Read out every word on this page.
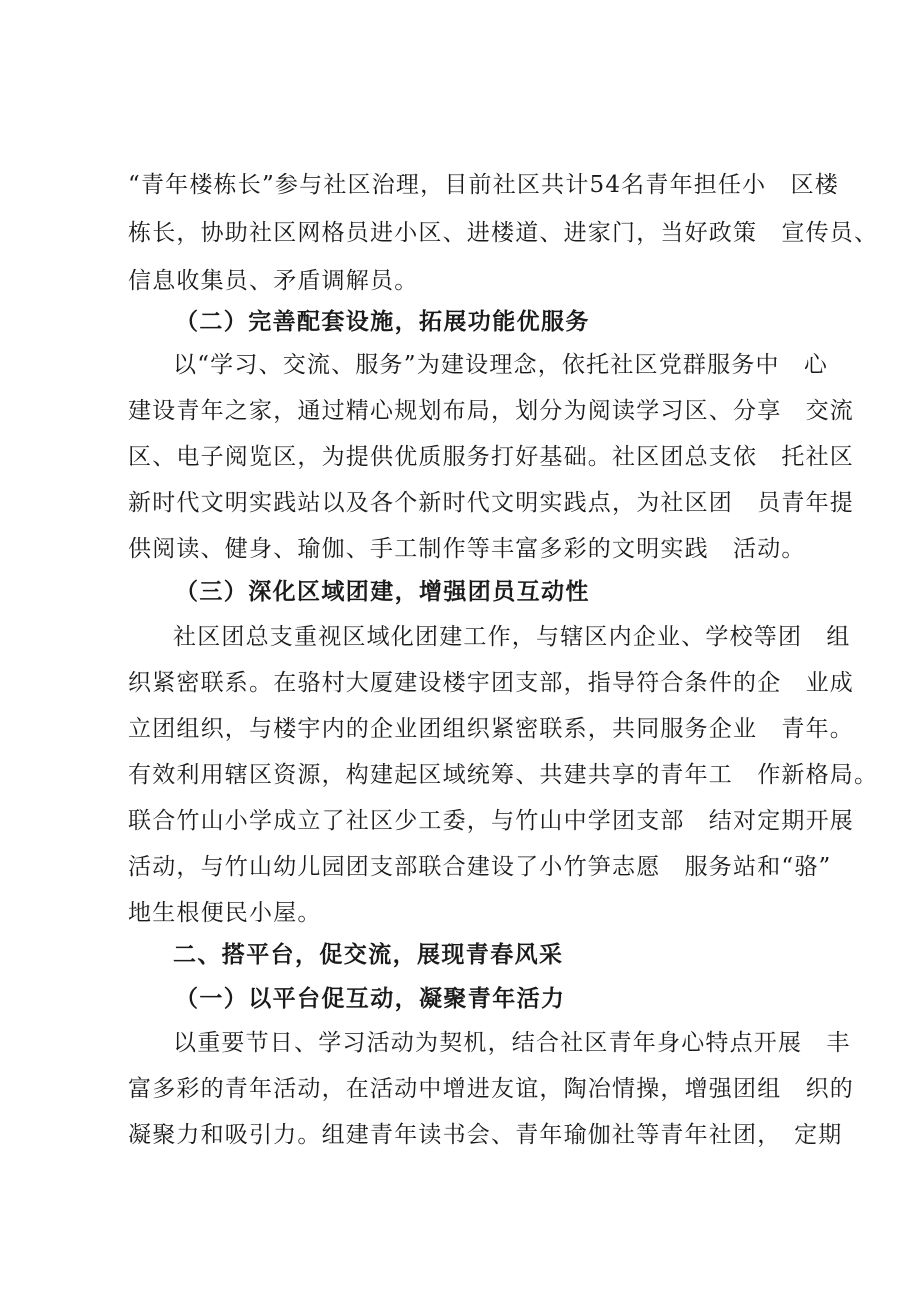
“青年楼栋长”参与社区治理，目前社区共计54名青年担任小　区楼
栋长，协助社区网格员进小区、进楼道、进家门，当好政策　宣传员、
信息收集员、矛盾调解员。
（二）完善配套设施，拓展功能优服务
以“学习、交流、服务”为建设理念，依托社区党群服务中　心
建设青年之家，通过精心规划布局，划分为阅读学习区、分享　交流
区、电子阅览区，为提供优质服务打好基础。社区团总支依　托社区
新时代文明实践站以及各个新时代文明实践点，为社区团　员青年提
供阅读、健身、瑜伽、手工制作等丰富多彩的文明实践　活动。
（三）深化区域团建，增强团员互动性
社区团总支重视区域化团建工作，与辖区内企业、学校等团　组
织紧密联系。在骆村大厦建设楼宇团支部，指导符合条件的企　业成
立团组织，与楼宇内的企业团组织紧密联系，共同服务企业　青年。
有效利用辖区资源，构建起区域统筹、共建共享的青年工　作新格局。
联合竹山小学成立了社区少工委，与竹山中学团支部　结对定期开展
活动，与竹山幼儿园团支部联合建设了小竹笋志愿　服务站和“骆”
地生根便民小屋。
二、搭平台，促交流，展现青春风采
（一）以平台促互动，凝聚青年活力
以重要节日、学习活动为契机，结合社区青年身心特点开展　丰
富多彩的青年活动，在活动中增进友谊，陶冶情操，增强团组　织的
凝聚力和吸引力。组建青年读书会、青年瑜伽社等青年社团，　定期
